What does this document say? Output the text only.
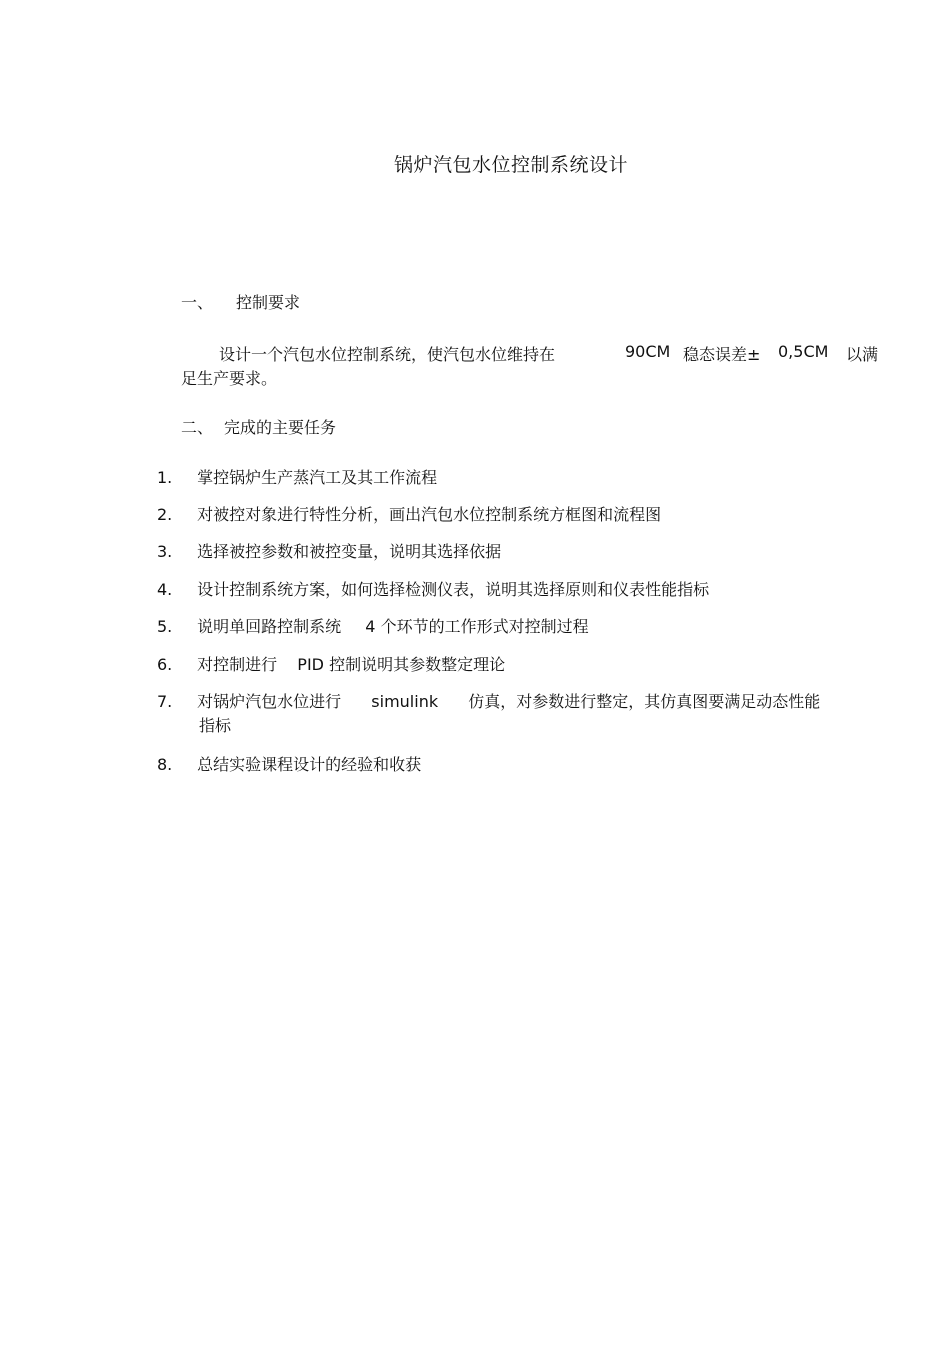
锅炉汽包水位控制系统设计
一、 控制要求
设计一个汽包水位控制系统，使汽包水位维持在	90CM 稳态误差± 0,5CM 以满
足生产要求。
二、 完成的主要任务
1. 掌控锅炉生产蒸汽工及其工作流程
2. 对被控对象进行特性分析，画出汽包水位控制系统方框图和流程图
3. 选择被控参数和被控变量，说明其选择依据
4. 设计控制系统方案，如何选择检测仪表，说明其选择原则和仪表性能指标
5. 说明单回路控制系统 4 个环节的工作形式对控制过程
6. 对控制进行 PID 控制说明其参数整定理论
7. 对锅炉汽包水位进行 simulink 仿真，对参数进行整定，其仿真图要满足动态性能
指标
8. 总结实验课程设计的经验和收获
